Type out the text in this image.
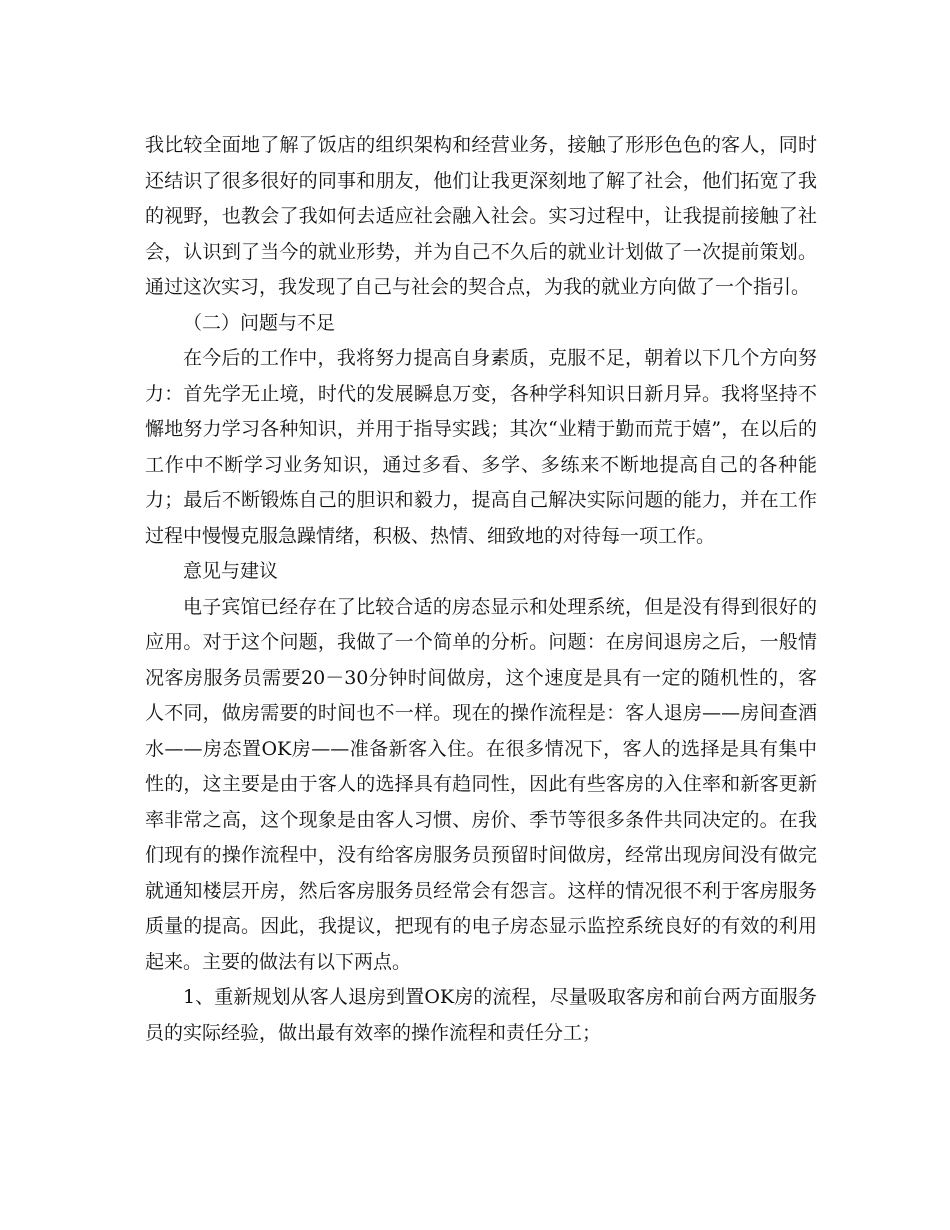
我比较全面地了解了饭店的组织架构和经营业务，接触了形形色色的客人，同时还结识了很多很好的同事和朋友，他们让我更深刻地了解了社会，他们拓宽了我的视野，也教会了我如何去适应社会融入社会。实习过程中，让我提前接触了社会，认识到了当今的就业形势，并为自己不久后的就业计划做了一次提前策划。通过这次实习，我发现了自己与社会的契合点，为我的就业方向做了一个指引。

（二）问题与不足

在今后的工作中，我将努力提高自身素质，克服不足，朝着以下几个方向努力：首先学无止境，时代的发展瞬息万变，各种学科知识日新月异。我将坚持不懈地努力学习各种知识，并用于指导实践；其次“业精于勤而荒于嬉”，在以后的工作中不断学习业务知识，通过多看、多学、多练来不断地提高自己的各种能力；最后不断锻炼自己的胆识和毅力，提高自己解决实际问题的能力，并在工作过程中慢慢克服急躁情绪，积极、热情、细致地的对待每一项工作。

意见与建议

电子宾馆已经存在了比较合适的房态显示和处理系统，但是没有得到很好的应用。对于这个问题，我做了一个简单的分析。问题：在房间退房之后，一般情况客房服务员需要20－30分钟时间做房，这个速度是具有一定的随机性的，客人不同，做房需要的时间也不一样。现在的操作流程是：客人退房——房间查酒水——房态置OK房——准备新客入住。在很多情况下，客人的选择是具有集中性的，这主要是由于客人的选择具有趋同性，因此有些客房的入住率和新客更新率非常之高，这个现象是由客人习惯、房价、季节等很多条件共同决定的。在我们现有的操作流程中，没有给客房服务员预留时间做房，经常出现房间没有做完就通知楼层开房，然后客房服务员经常会有怨言。这样的情况很不利于客房服务质量的提高。因此，我提议，把现有的电子房态显示监控系统良好的有效的利用起来。主要的做法有以下两点。

1、重新规划从客人退房到置OK房的流程，尽量吸取客房和前台两方面服务员的实际经验，做出最有效率的操作流程和责任分工；
